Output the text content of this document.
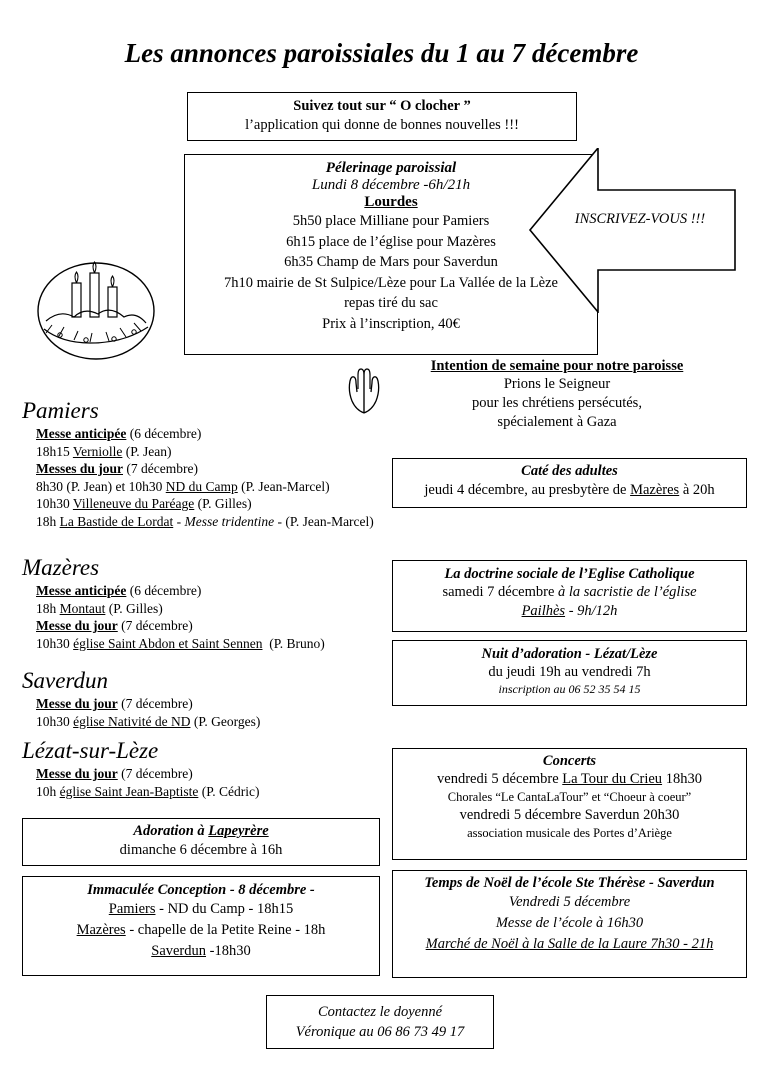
Les annonces paroissiales du 1 au 7 décembre
Suivez tout sur “ O clocher ”
l’application qui donne de bonnes nouvelles !!!
Pélerinage paroissial
Lundi 8 décembre -6h/21h
Lourdes
5h50 place Milliane pour Pamiers
6h15 place de l’église pour Mazères
6h35 Champ de Mars pour Saverdun
7h10 mairie de St Sulpice/Lèze pour La Vallée de la Lèze
repas tiré du sac
Prix à l’inscription, 40€
INSCRIVEZ-VOUS !!!
Intention de semaine pour notre paroisse
Prions le Seigneur
pour les chrétiens persécutés,
spécialement à Gaza
Pamiers
Messe anticipée (6 décembre)
18h15 Verniolle (P. Jean)
Messes du jour (7 décembre)
8h30 (P. Jean) et 10h30 ND du Camp (P. Jean-Marcel)
10h30 Villeneuve du Paréage (P. Gilles)
18h La Bastide de Lordat - Messe tridentine - (P. Jean-Marcel)
Mazères
Messe anticipée (6 décembre)
18h Montaut (P. Gilles)
Messe du jour (7 décembre)
10h30 église Saint Abdon et Saint Sennen  (P. Bruno)
Saverdun
Messe du jour (7 décembre)
10h30 église Nativité de ND (P. Georges)
Lézat-sur-Lèze
Messe du jour (7 décembre)
10h église Saint Jean-Baptiste (P. Cédric)
Caté des adultes
jeudi 4 décembre, au presbytère de Mazères à 20h
La doctrine sociale de l’Eglise Catholique
samedi 7 décembre à la sacristie de l’église
Pailhès - 9h/12h
Nuit d’adoration - Lézat/Lèze
du jeudi 19h au vendredi 7h
inscription au 06 52 35 54 15
Concerts
vendredi 5 décembre La Tour du Crieu 18h30
Chorales “Le CantaLaTour” et “Choeur à coeur”
vendredi 5 décembre Saverdun 20h30
association musicale des Portes d’Ariège
Temps de Noël de l’école Ste Thérèse - Saverdun
Vendredi 5 décembre
Messe de l’école à 16h30
Marché de Noël à la Salle de la Laure 7h30 - 21h
Adoration à Lapeyrère
dimanche 6 décembre à 16h
Immaculée Conception - 8 décembre -
Pamiers - ND du Camp - 18h15
Mazères - chapelle de la Petite Reine - 18h
Saverdun -18h30
Contactez le doyenné
Véronique au 06 86 73 49 17
